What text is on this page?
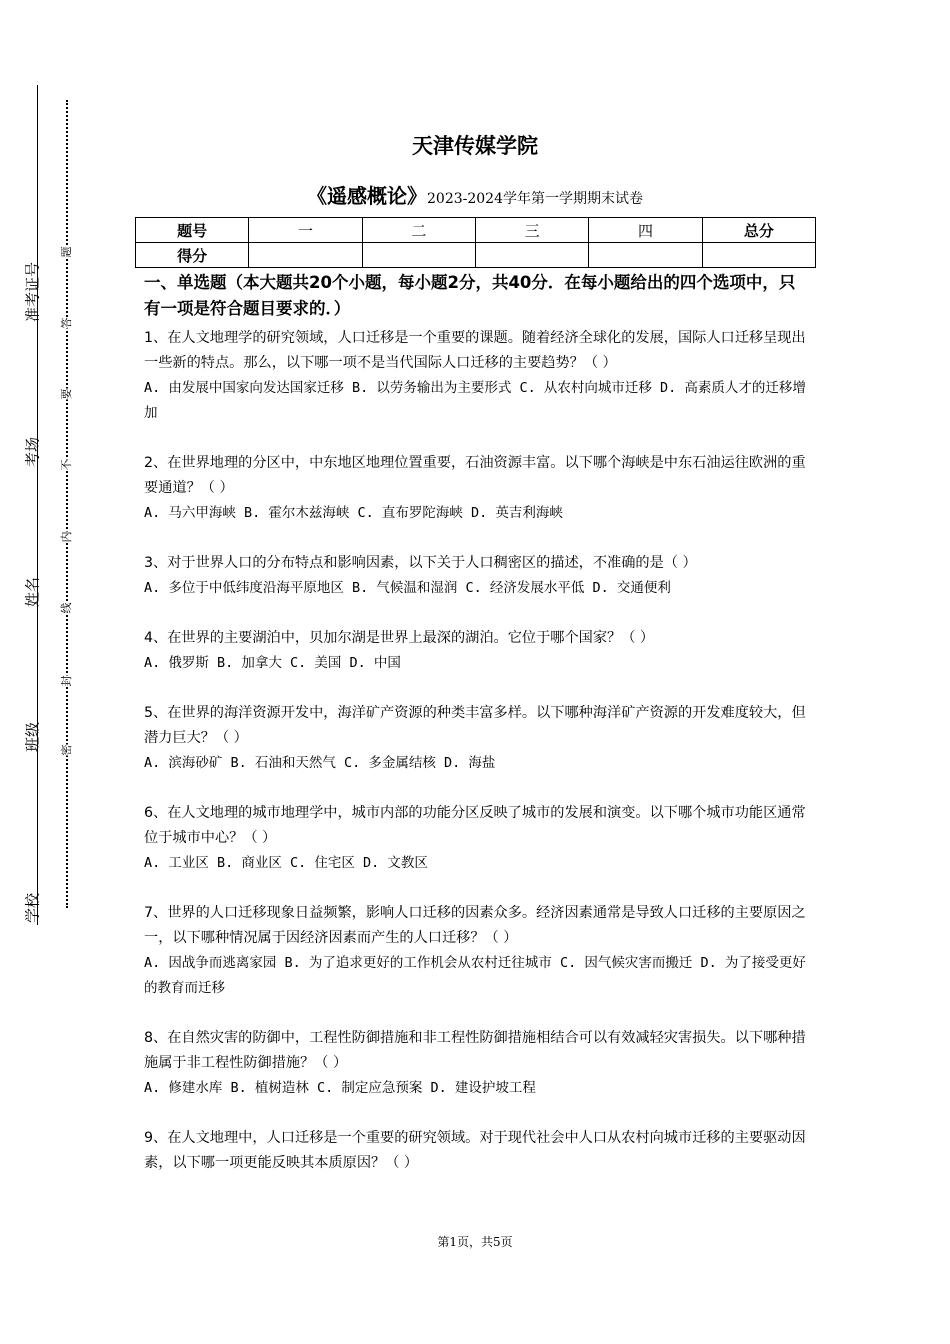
准考证号
考场
姓名
班级
学校
题
答
要
不
内
线
封
密
天津传媒学院
《遥感概论》2023-2024学年第一学期期末试卷
题号	一	二	三	四	总分
得分					
一、单选题（本大题共20个小题，每小题2分，共40分．在每小题给出的四个选项中，只有一项是符合题目要求的．）
1、在人文地理学的研究领域，人口迁移是一个重要的课题。随着经济全球化的发展，国际人口迁移呈现出一些新的特点。那么，以下哪一项不是当代国际人口迁移的主要趋势？（ ）
A. 由发展中国家向发达国家迁移 B. 以劳务输出为主要形式 C. 从农村向城市迁移 D. 高素质人才的迁移增加
2、在世界地理的分区中，中东地区地理位置重要，石油资源丰富。以下哪个海峡是中东石油运往欧洲的重要通道？（ ）
A. 马六甲海峡 B. 霍尔木兹海峡 C. 直布罗陀海峡 D. 英吉利海峡
3、对于世界人口的分布特点和影响因素，以下关于人口稠密区的描述，不准确的是（ ）
A. 多位于中低纬度沿海平原地区 B. 气候温和湿润 C. 经济发展水平低 D. 交通便利
4、在世界的主要湖泊中，贝加尔湖是世界上最深的湖泊。它位于哪个国家？（ ）
A. 俄罗斯 B. 加拿大 C. 美国 D. 中国
5、在世界的海洋资源开发中，海洋矿产资源的种类丰富多样。以下哪种海洋矿产资源的开发难度较大，但潜力巨大？（ ）
A. 滨海砂矿 B. 石油和天然气 C. 多金属结核 D. 海盐
6、在人文地理的城市地理学中，城市内部的功能分区反映了城市的发展和演变。以下哪个城市功能区通常位于城市中心？（ ）
A. 工业区 B. 商业区 C. 住宅区 D. 文教区
7、世界的人口迁移现象日益频繁，影响人口迁移的因素众多。经济因素通常是导致人口迁移的主要原因之一，以下哪种情况属于因经济因素而产生的人口迁移？（ ）
A. 因战争而逃离家园 B. 为了追求更好的工作机会从农村迁往城市 C. 因气候灾害而搬迁 D. 为了接受更好的教育而迁移
8、在自然灾害的防御中，工程性防御措施和非工程性防御措施相结合可以有效减轻灾害损失。以下哪种措施属于非工程性防御措施？（ ）
A. 修建水库 B. 植树造林 C. 制定应急预案 D. 建设护坡工程
9、在人文地理中，人口迁移是一个重要的研究领域。对于现代社会中人口从农村向城市迁移的主要驱动因素，以下哪一项更能反映其本质原因？（ ）
第1页，共5页
